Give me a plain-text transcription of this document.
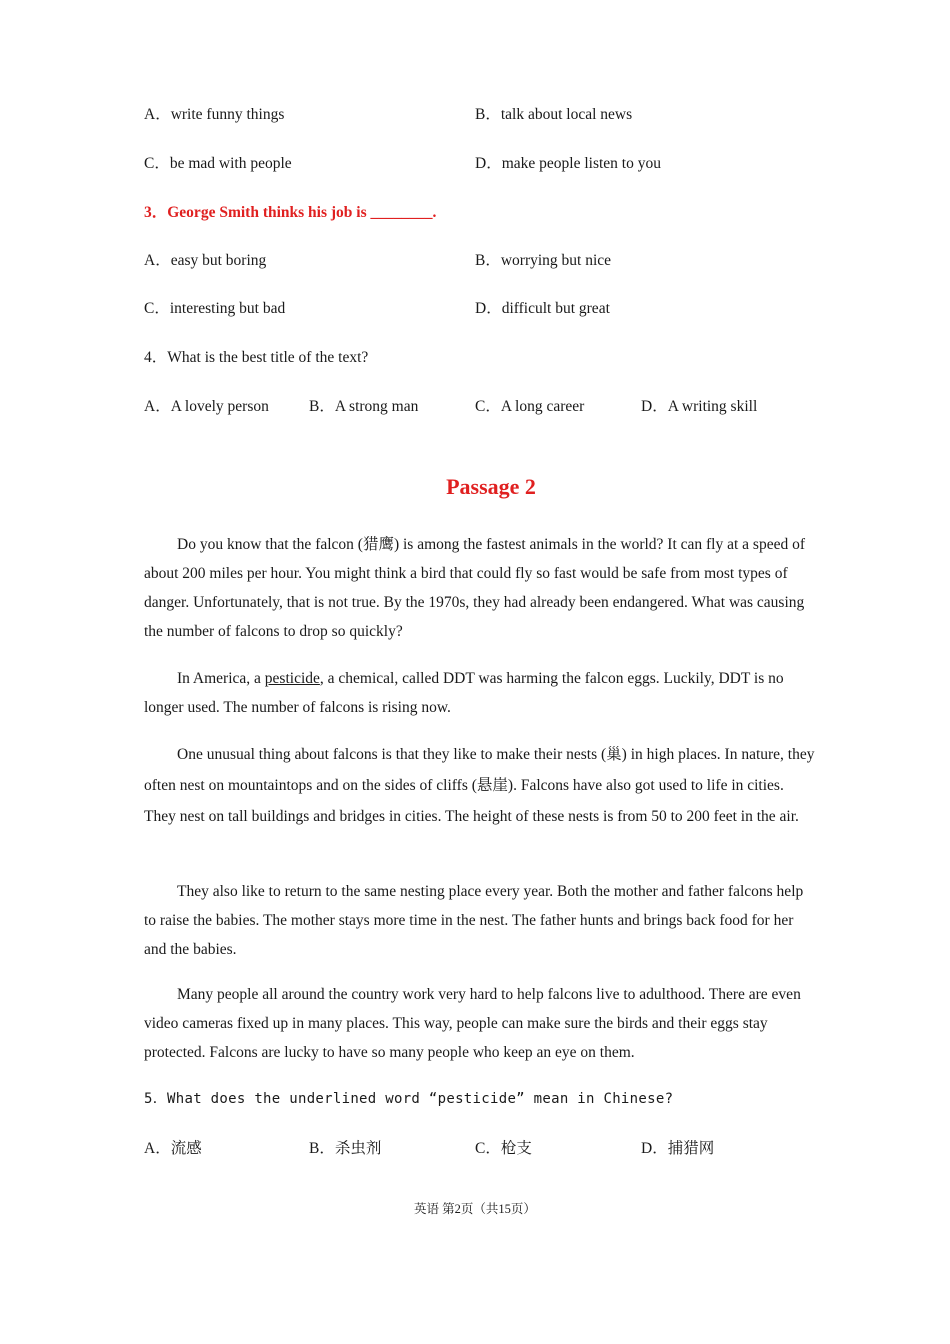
A．write funny things	B．talk about local news
C．be mad with people	D．make people listen to you
3．George Smith thinks his job is ________.
A．easy but boring	B．worrying but nice
C．interesting but bad	D．difficult but great
4．What is the best title of the text?
A．A lovely person	B．A strong man	C．A long career	D．A writing skill
Passage 2
Do you know that the falcon (猎鹰) is among the fastest animals in the world? It can fly at a speed of about 200 miles per hour. You might think a bird that could fly so fast would be safe from most types of danger. Unfortunately, that is not true. By the 1970s, they had already been endangered. What was causing the number of falcons to drop so quickly?
In America, a pesticide, a chemical, called DDT was harming the falcon eggs. Luckily, DDT is no longer used. The number of falcons is rising now.
One unusual thing about falcons is that they like to make their nests (巢) in high places. In nature, they often nest on mountaintops and on the sides of cliffs (悬崖). Falcons have also got used to life in cities. They nest on tall buildings and bridges in cities. The height of these nests is from 50 to 200 feet in the air.
They also like to return to the same nesting place every year. Both the mother and father falcons help to raise the babies. The mother stays more time in the nest. The father hunts and brings back food for her and the babies.
Many people all around the country work very hard to help falcons live to adulthood. There are even video cameras fixed up in many places. This way, people can make sure the birds and their eggs stay protected. Falcons are lucky to have so many people who keep an eye on them.
5．What does the underlined word “pesticide” mean in Chinese?
A．流感	B．杀虫剂	C．枪支	D．捕猎网
英语 第2页（共15页）
